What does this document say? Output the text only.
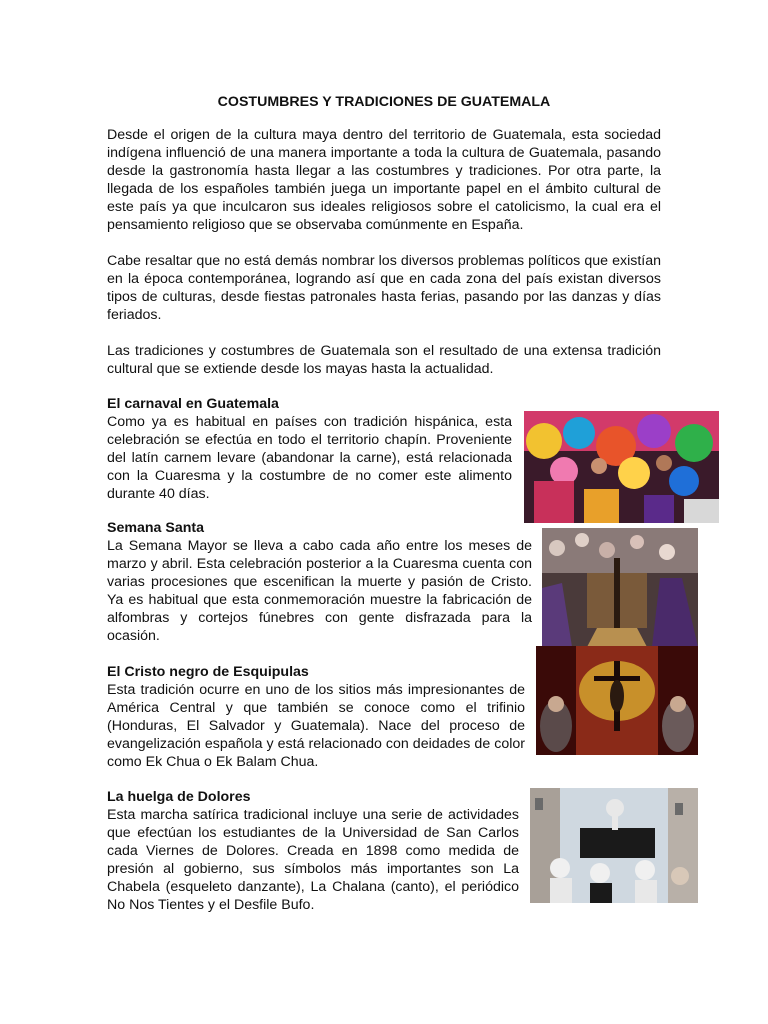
COSTUMBRES Y TRADICIONES DE GUATEMALA

Desde el origen de la cultura maya dentro del territorio de Guatemala, esta sociedad indígena influenció de una manera importante a toda la cultura de Guatemala, pasando desde la gastronomía hasta llegar a las costumbres y tradiciones. Por otra parte, la llegada de los españoles también juega un importante papel en el ámbito cultural de este país ya que inculcaron sus ideales religiosos sobre el catolicismo, la cual era el pensamiento religioso que se observaba comúnmente en España.

Cabe resaltar que no está demás nombrar los diversos problemas políticos que existían en la época contemporánea, logrando así que en cada zona del país existan diversos tipos de culturas, desde fiestas patronales hasta ferias, pasando por las danzas y días feriados.

Las tradiciones y costumbres de Guatemala son el resultado de una extensa tradición cultural que se extiende desde los mayas hasta la actualidad.

El carnaval en Guatemala

Como ya es habitual en países con tradición hispánica, esta celebración se efectúa en todo el territorio chapín. Proveniente del latín carnem levare (abandonar la carne), está relacionada con la Cuaresma y la costumbre de no comer este alimento durante 40 días.

Semana Santa

La Semana Mayor se lleva a cabo cada año entre los meses de marzo y abril. Esta celebración posterior a la Cuaresma cuenta con varias procesiones que escenifican la muerte y pasión de Cristo. Ya es habitual que esta conmemoración muestre la fabricación de alfombras y cortejos fúnebres con gente disfrazada para la ocasión.

El Cristo negro de Esquipulas

Esta tradición ocurre en uno de los sitios más impresionantes de América Central y que también se conoce como el trifinio (Honduras, El Salvador y Guatemala). Nace del proceso de evangelización española y está relacionado con deidades de color como Ek Chua o Ek Balam Chua.

La huelga de Dolores

Esta marcha satírica tradicional incluye una serie de actividades que efectúan los estudiantes de la Universidad de San Carlos cada Viernes de Dolores. Creada en 1898 como medida de presión al gobierno, sus símbolos más importantes son La Chabela (esqueleto danzante), La Chalana (canto), el periódico No Nos Tientes y el Desfile Bufo.
